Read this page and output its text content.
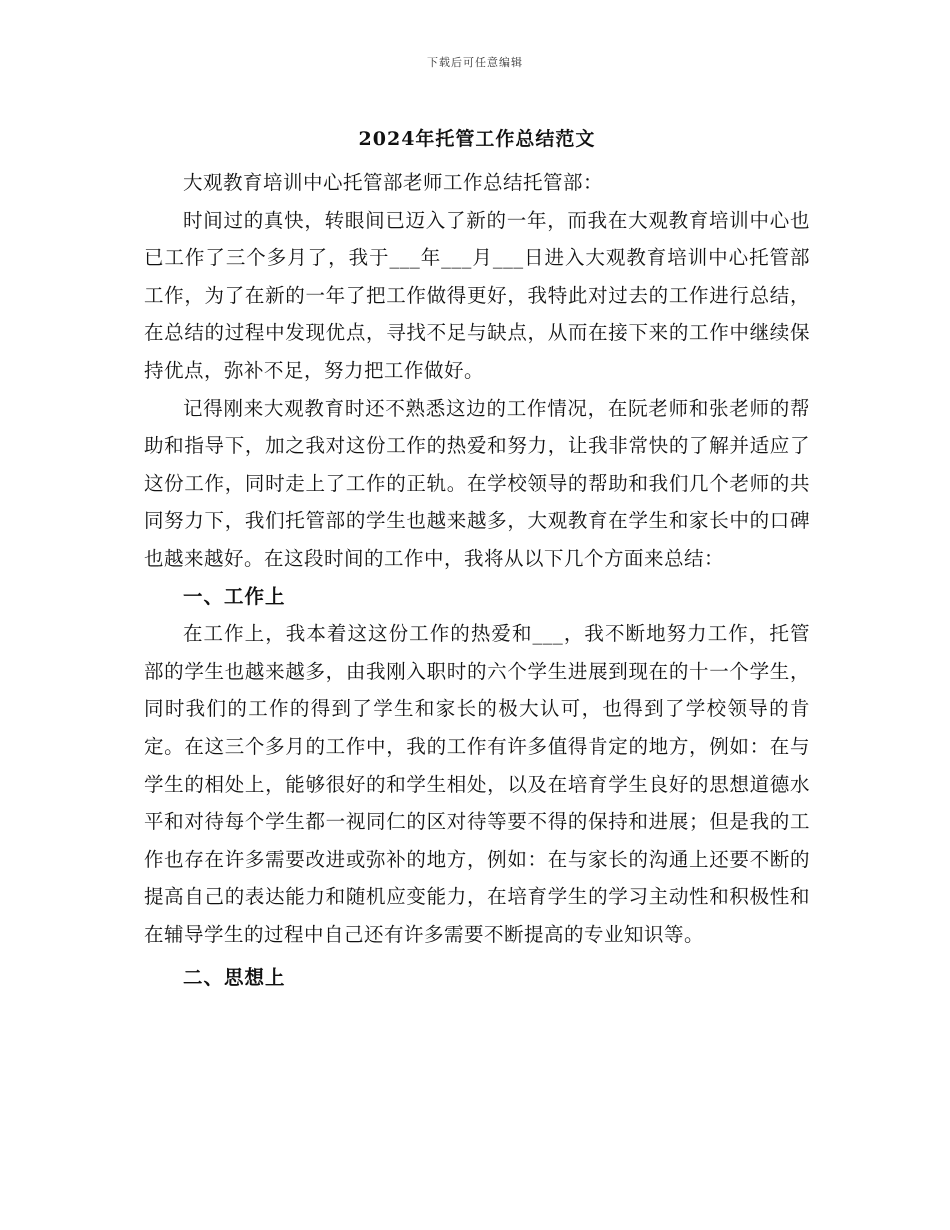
下载后可任意编辑
2024年托管工作总结范文

大观教育培训中心托管部老师工作总结托管部：

时间过的真快，转眼间已迈入了新的一年，而我在大观教育培训中心也已工作了三个多月了，我于___年___月___日进入大观教育培训中心托管部工作，为了在新的一年了把工作做得更好，我特此对过去的工作进行总结，在总结的过程中发现优点，寻找不足与缺点，从而在接下来的工作中继续保持优点，弥补不足，努力把工作做好。

记得刚来大观教育时还不熟悉这边的工作情况，在阮老师和张老师的帮助和指导下，加之我对这份工作的热爱和努力，让我非常快的了解并适应了这份工作，同时走上了工作的正轨。在学校领导的帮助和我们几个老师的共同努力下，我们托管部的学生也越来越多，大观教育在学生和家长中的口碑也越来越好。在这段时间的工作中，我将从以下几个方面来总结：

一、工作上

在工作上，我本着这这份工作的热爱和___，我不断地努力工作，托管部的学生也越来越多，由我刚入职时的六个学生进展到现在的十一个学生，同时我们的工作的得到了学生和家长的极大认可，也得到了学校领导的肯定。在这三个多月的工作中，我的工作有许多值得肯定的地方，例如：在与学生的相处上，能够很好的和学生相处，以及在培育学生良好的思想道德水平和对待每个学生都一视同仁的区对待等要不得的保持和进展；但是我的工作也存在许多需要改进或弥补的地方，例如：在与家长的沟通上还要不断的提高自己的表达能力和随机应变能力，在培育学生的学习主动性和积极性和在辅导学生的过程中自己还有许多需要不断提高的专业知识等。

二、思想上
